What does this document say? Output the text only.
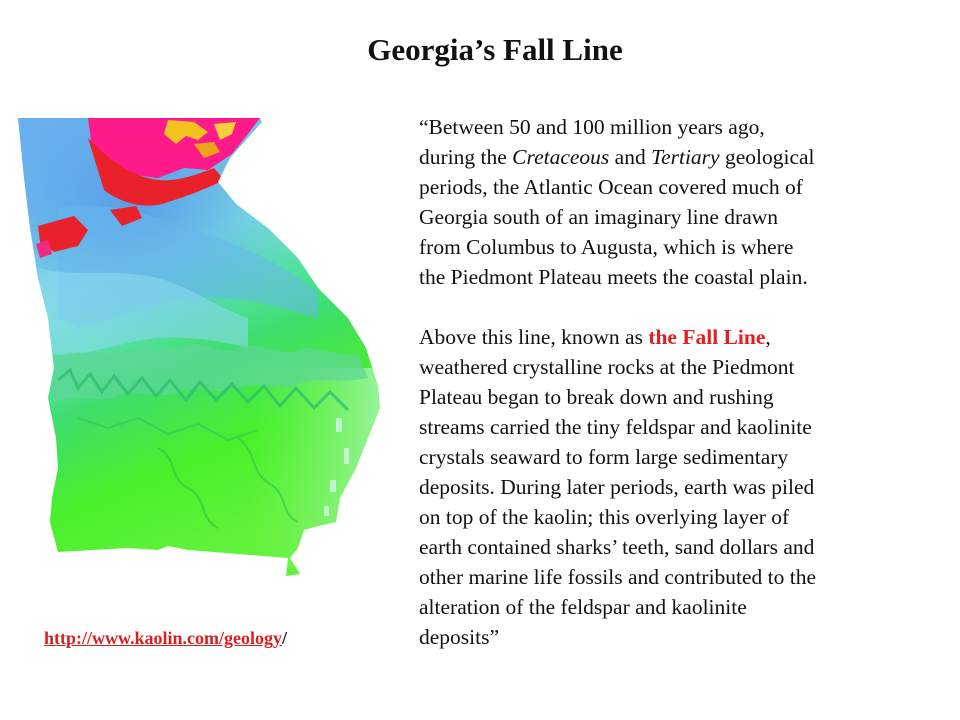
Georgia’s Fall Line
http://www.kaolin.com/geology/

“Between 50 and 100 million years ago,
during the Cretaceous and Tertiary geological
periods, the Atlantic Ocean covered much of
Georgia south of an imaginary line drawn
from Columbus to Augusta, which is where
the Piedmont Plateau meets the coastal plain.

Above this line, known as the Fall Line,
weathered crystalline rocks at the Piedmont
Plateau began to break down and rushing
streams carried the tiny feldspar and kaolinite
crystals seaward to form large sedimentary
deposits. During later periods, earth was piled
on top of the kaolin; this overlying layer of
earth contained sharks’ teeth, sand dollars and
other marine life fossils and contributed to the
alteration of the feldspar and kaolinite
deposits”
